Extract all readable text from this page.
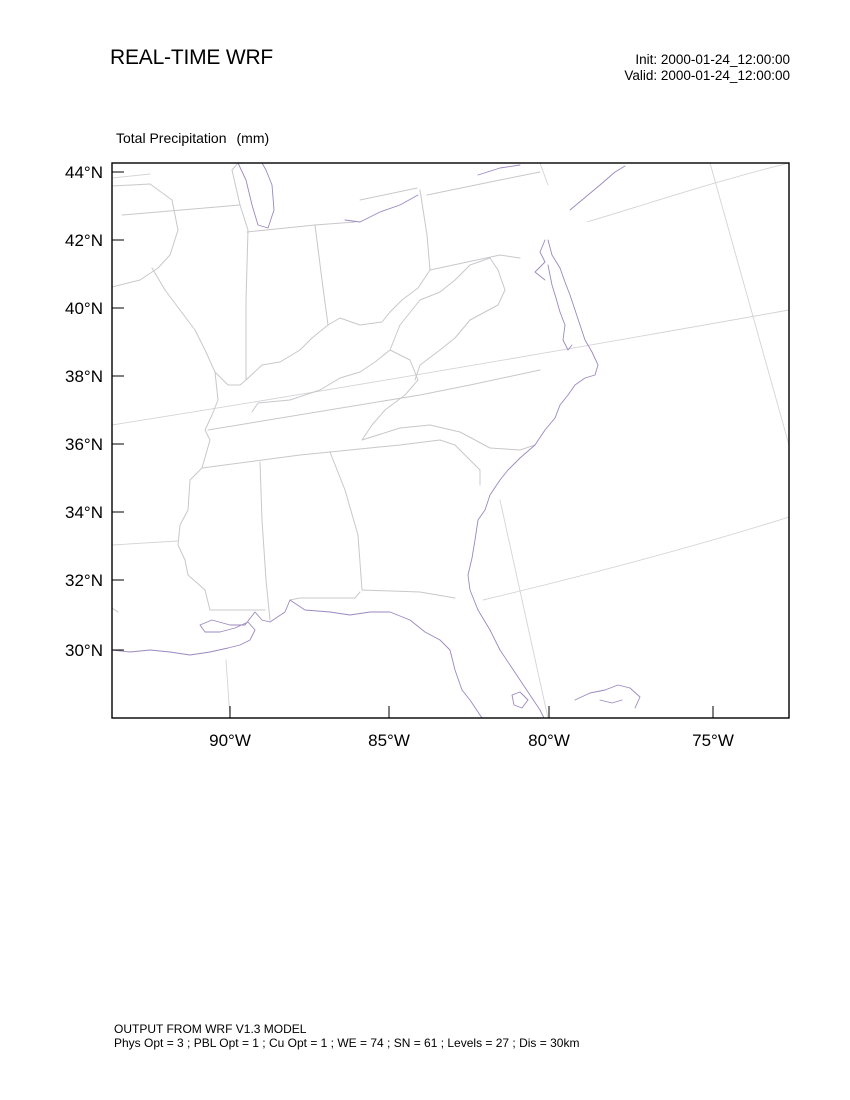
REAL-TIME WRF	Init: 2000-01-24_12:00:00
Valid: 2000-01-24_12:00:00
Total Precipitation (mm)
44°N
42°N
40°N
38°N
36°N
34°N
32°N
30°N
90°W	85°W	80°W	75°W
OUTPUT FROM WRF V1.3 MODEL
Phys Opt = 3 ; PBL Opt = 1 ; Cu Opt = 1 ; WE = 74 ; SN = 61 ; Levels = 27 ; Dis = 30km
